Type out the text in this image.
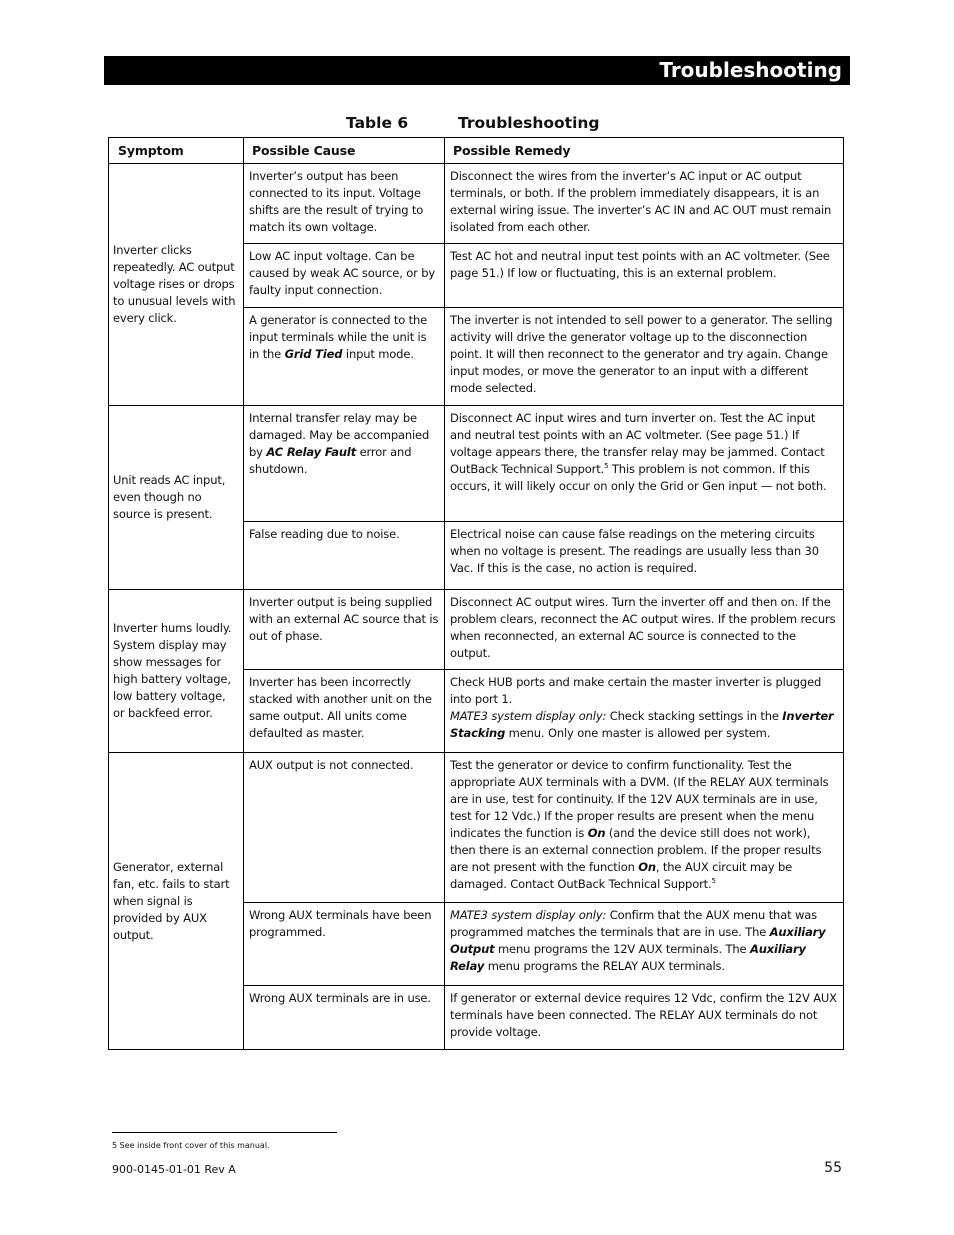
Troubleshooting
Table 6	Troubleshooting
Symptom	Possible Cause	Possible Remedy
Inverter clicks repeatedly. AC output voltage rises or drops to unusual levels with every click.	Inverter’s output has been connected to its input. Voltage shifts are the result of trying to match its own voltage.	Disconnect the wires from the inverter’s AC input or AC output terminals, or both. If the problem immediately disappears, it is an external wiring issue. The inverter’s AC IN and AC OUT must remain isolated from each other.
	Low AC input voltage. Can be caused by weak AC source, or by faulty input connection.	Test AC hot and neutral input test points with an AC voltmeter. (See page 51.) If low or fluctuating, this is an external problem.
	A generator is connected to the input terminals while the unit is in the Grid Tied input mode.	The inverter is not intended to sell power to a generator. The selling activity will drive the generator voltage up to the disconnection point. It will then reconnect to the generator and try again. Change input modes, or move the generator to an input with a different mode selected.
Unit reads AC input, even though no source is present.	Internal transfer relay may be damaged. May be accompanied by AC Relay Fault error and shutdown.	Disconnect AC input wires and turn inverter on. Test the AC input and neutral test points with an AC voltmeter. (See page 51.) If voltage appears there, the transfer relay may be jammed. Contact OutBack Technical Support.$^5$ This problem is not common. If this occurs, it will likely occur on only the Grid or Gen input — not both.
	False reading due to noise.	Electrical noise can cause false readings on the metering circuits when no voltage is present. The readings are usually less than 30 Vac. If this is the case, no action is required.
Inverter hums loudly. System display may show messages for high battery voltage, low battery voltage, or backfeed error.	Inverter output is being supplied with an external AC source that is out of phase.	Disconnect AC output wires. Turn the inverter off and then on. If the problem clears, reconnect the AC output wires. If the problem recurs when reconnected, an external AC source is connected to the output.
	Inverter has been incorrectly stacked with another unit on the same output. All units come defaulted as master.	Check HUB ports and make certain the master inverter is plugged into port 1.
MATE3 system display only: Check stacking settings in the Inverter Stacking menu. Only one master is allowed per system.
Generator, external fan, etc. fails to start when signal is provided by AUX output.	AUX output is not connected.	Test the generator or device to confirm functionality. Test the appropriate AUX terminals with a DVM. (If the RELAY AUX terminals are in use, test for continuity. If the 12V AUX terminals are in use, test for 12 Vdc.) If the proper results are present when the menu indicates the function is On (and the device still does not work), then there is an external connection problem. If the proper results are not present with the function On, the AUX circuit may be damaged. Contact OutBack Technical Support.$^5$
	Wrong AUX terminals have been programmed.	MATE3 system display only: Confirm that the AUX menu that was programmed matches the terminals that are in use. The Auxiliary Output menu programs the 12V AUX terminals. The Auxiliary Relay menu programs the RELAY AUX terminals.
	Wrong AUX terminals are in use.	If generator or external device requires 12 Vdc, confirm the 12V AUX terminals have been connected. The RELAY AUX terminals do not provide voltage.
5 See inside front cover of this manual.
900-0145-01-01 Rev A	55
